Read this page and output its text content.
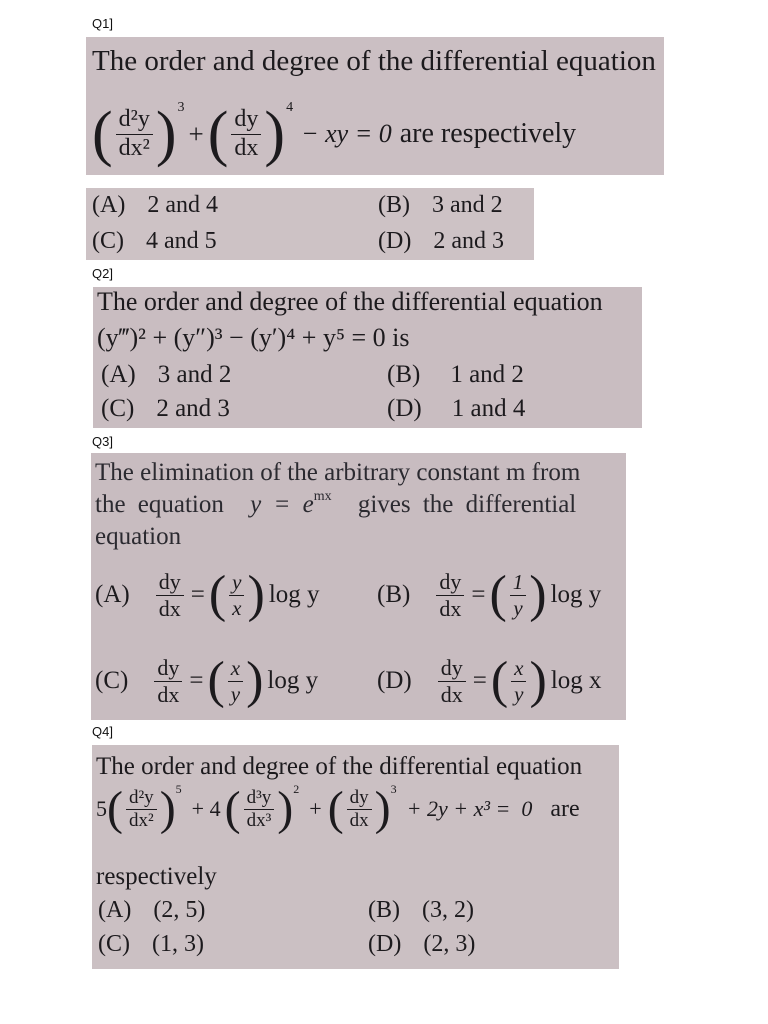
Q1]
The order and degree of the differential equation
( $\frac{\text{d²y}}{\text{dx²}}$ ) 3
+ ( $\frac{dy}{dx}$ ) 4
− xy = 0 are respectively
(A) 2 and 4	(B) 3 and 2
(C) 4 and 5	(D) 2 and 3
Q2]
The order and degree of the differential equation
(y‴)² + (y″)³ − (y′)⁴ + y⁵ = 0 is
(A) 3 and 2	(B) 1 and 2
(C) 2 and 3	(D) 1 and 4
Q3]
The elimination of the arbitrary constant m from
the equation $y = e^{mx}$ gives the differential
equation
$(A) \frac{dy}{dx}$ = ( $\frac{y}{x}$ ) log y $(B) \frac{dy}{dx}$ = ( $\frac{1}{y}$ ) log y
$(C) \frac{dy}{dx}$ = ( $\frac{x}{y}$ ) log y $(D) \frac{dy}{dx}$ = ( $\frac{x}{y}$ ) log x
Q4]
The order and degree of the differential equation
5 ( $\frac{\text{d²y}}{\text{dx²}}$ ) 5
+ 4 ( $\frac{\text{d³y}}{\text{dx³}}$ ) 2
+ ( $\frac{dy}{dx}$ ) 3
+ 2y + x³ =  0 are
respectively
(A) (2, 5)	(B) (3, 2)
(C) (1, 3)	(D) (2, 3)
